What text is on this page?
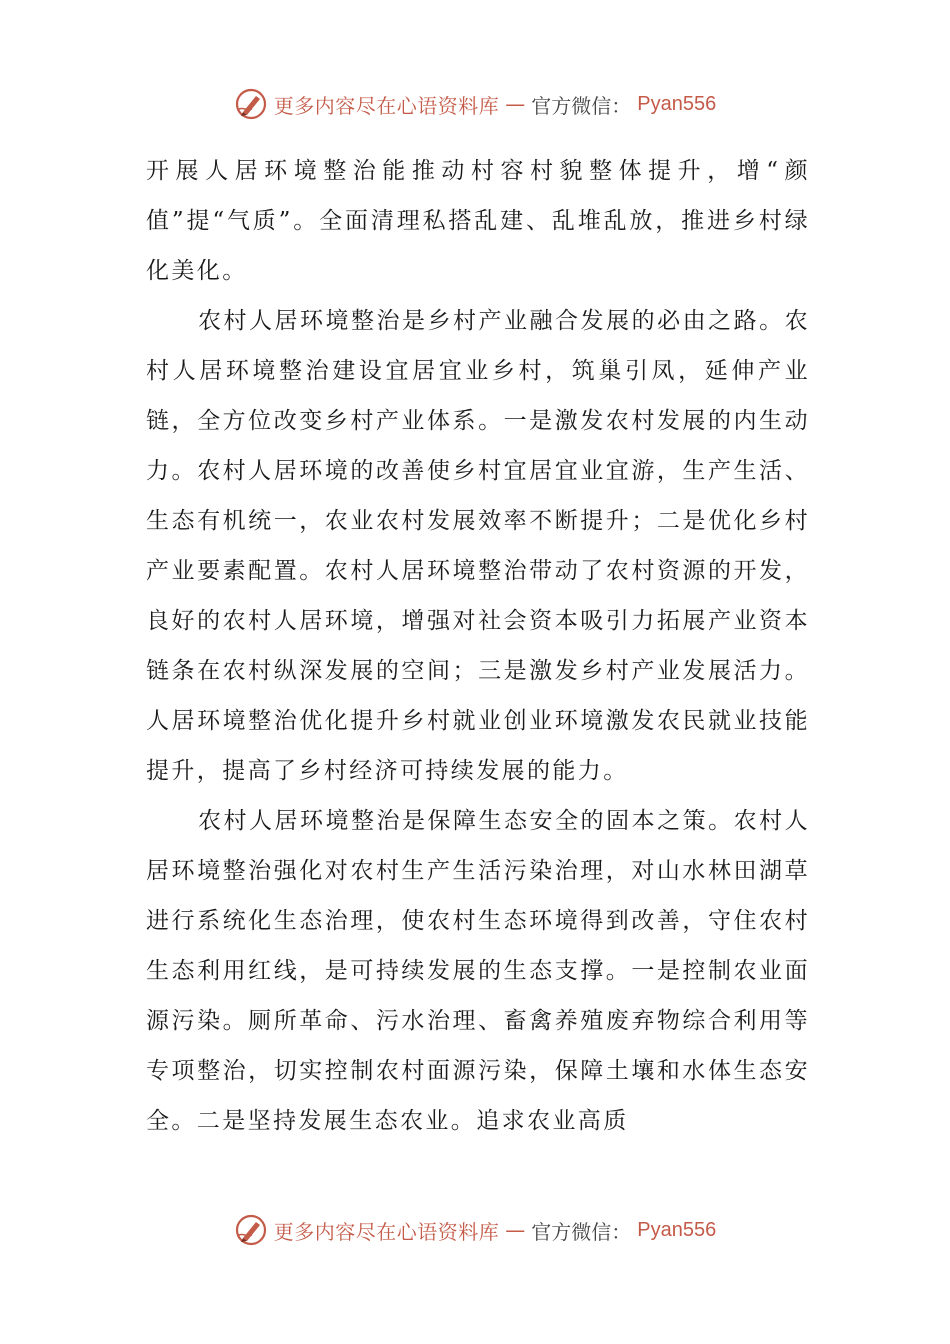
更多内容尽在心语资料库 — 官方微信： Pyan556

开展人居环境整治能推动村容村貌整体提升，增“颜值”提“气质”。全面清理私搭乱建、乱堆乱放，推进乡村绿化美化。

农村人居环境整治是乡村产业融合发展的必由之路。农村人居环境整治建设宜居宜业乡村，筑巢引凤，延伸产业链，全方位改变乡村产业体系。一是激发农村发展的内生动力。农村人居环境的改善使乡村宜居宜业宜游，生产生活、生态有机统一，农业农村发展效率不断提升；二是优化乡村产业要素配置。农村人居环境整治带动了农村资源的开发，良好的农村人居环境，增强对社会资本吸引力拓展产业资本链条在农村纵深发展的空间；三是激发乡村产业发展活力。人居环境整治优化提升乡村就业创业环境激发农民就业技能提升，提高了乡村经济可持续发展的能力。

农村人居环境整治是保障生态安全的固本之策。农村人居环境整治强化对农村生产生活污染治理，对山水林田湖草进行系统化生态治理，使农村生态环境得到改善，守住农村生态利用红线，是可持续发展的生态支撑。一是控制农业面源污染。厕所革命、污水治理、畜禽养殖废弃物综合利用等专项整治，切实控制农村面源污染，保障土壤和水体生态安全。二是坚持发展生态农业。追求农业高质

更多内容尽在心语资料库 — 官方微信： Pyan556
